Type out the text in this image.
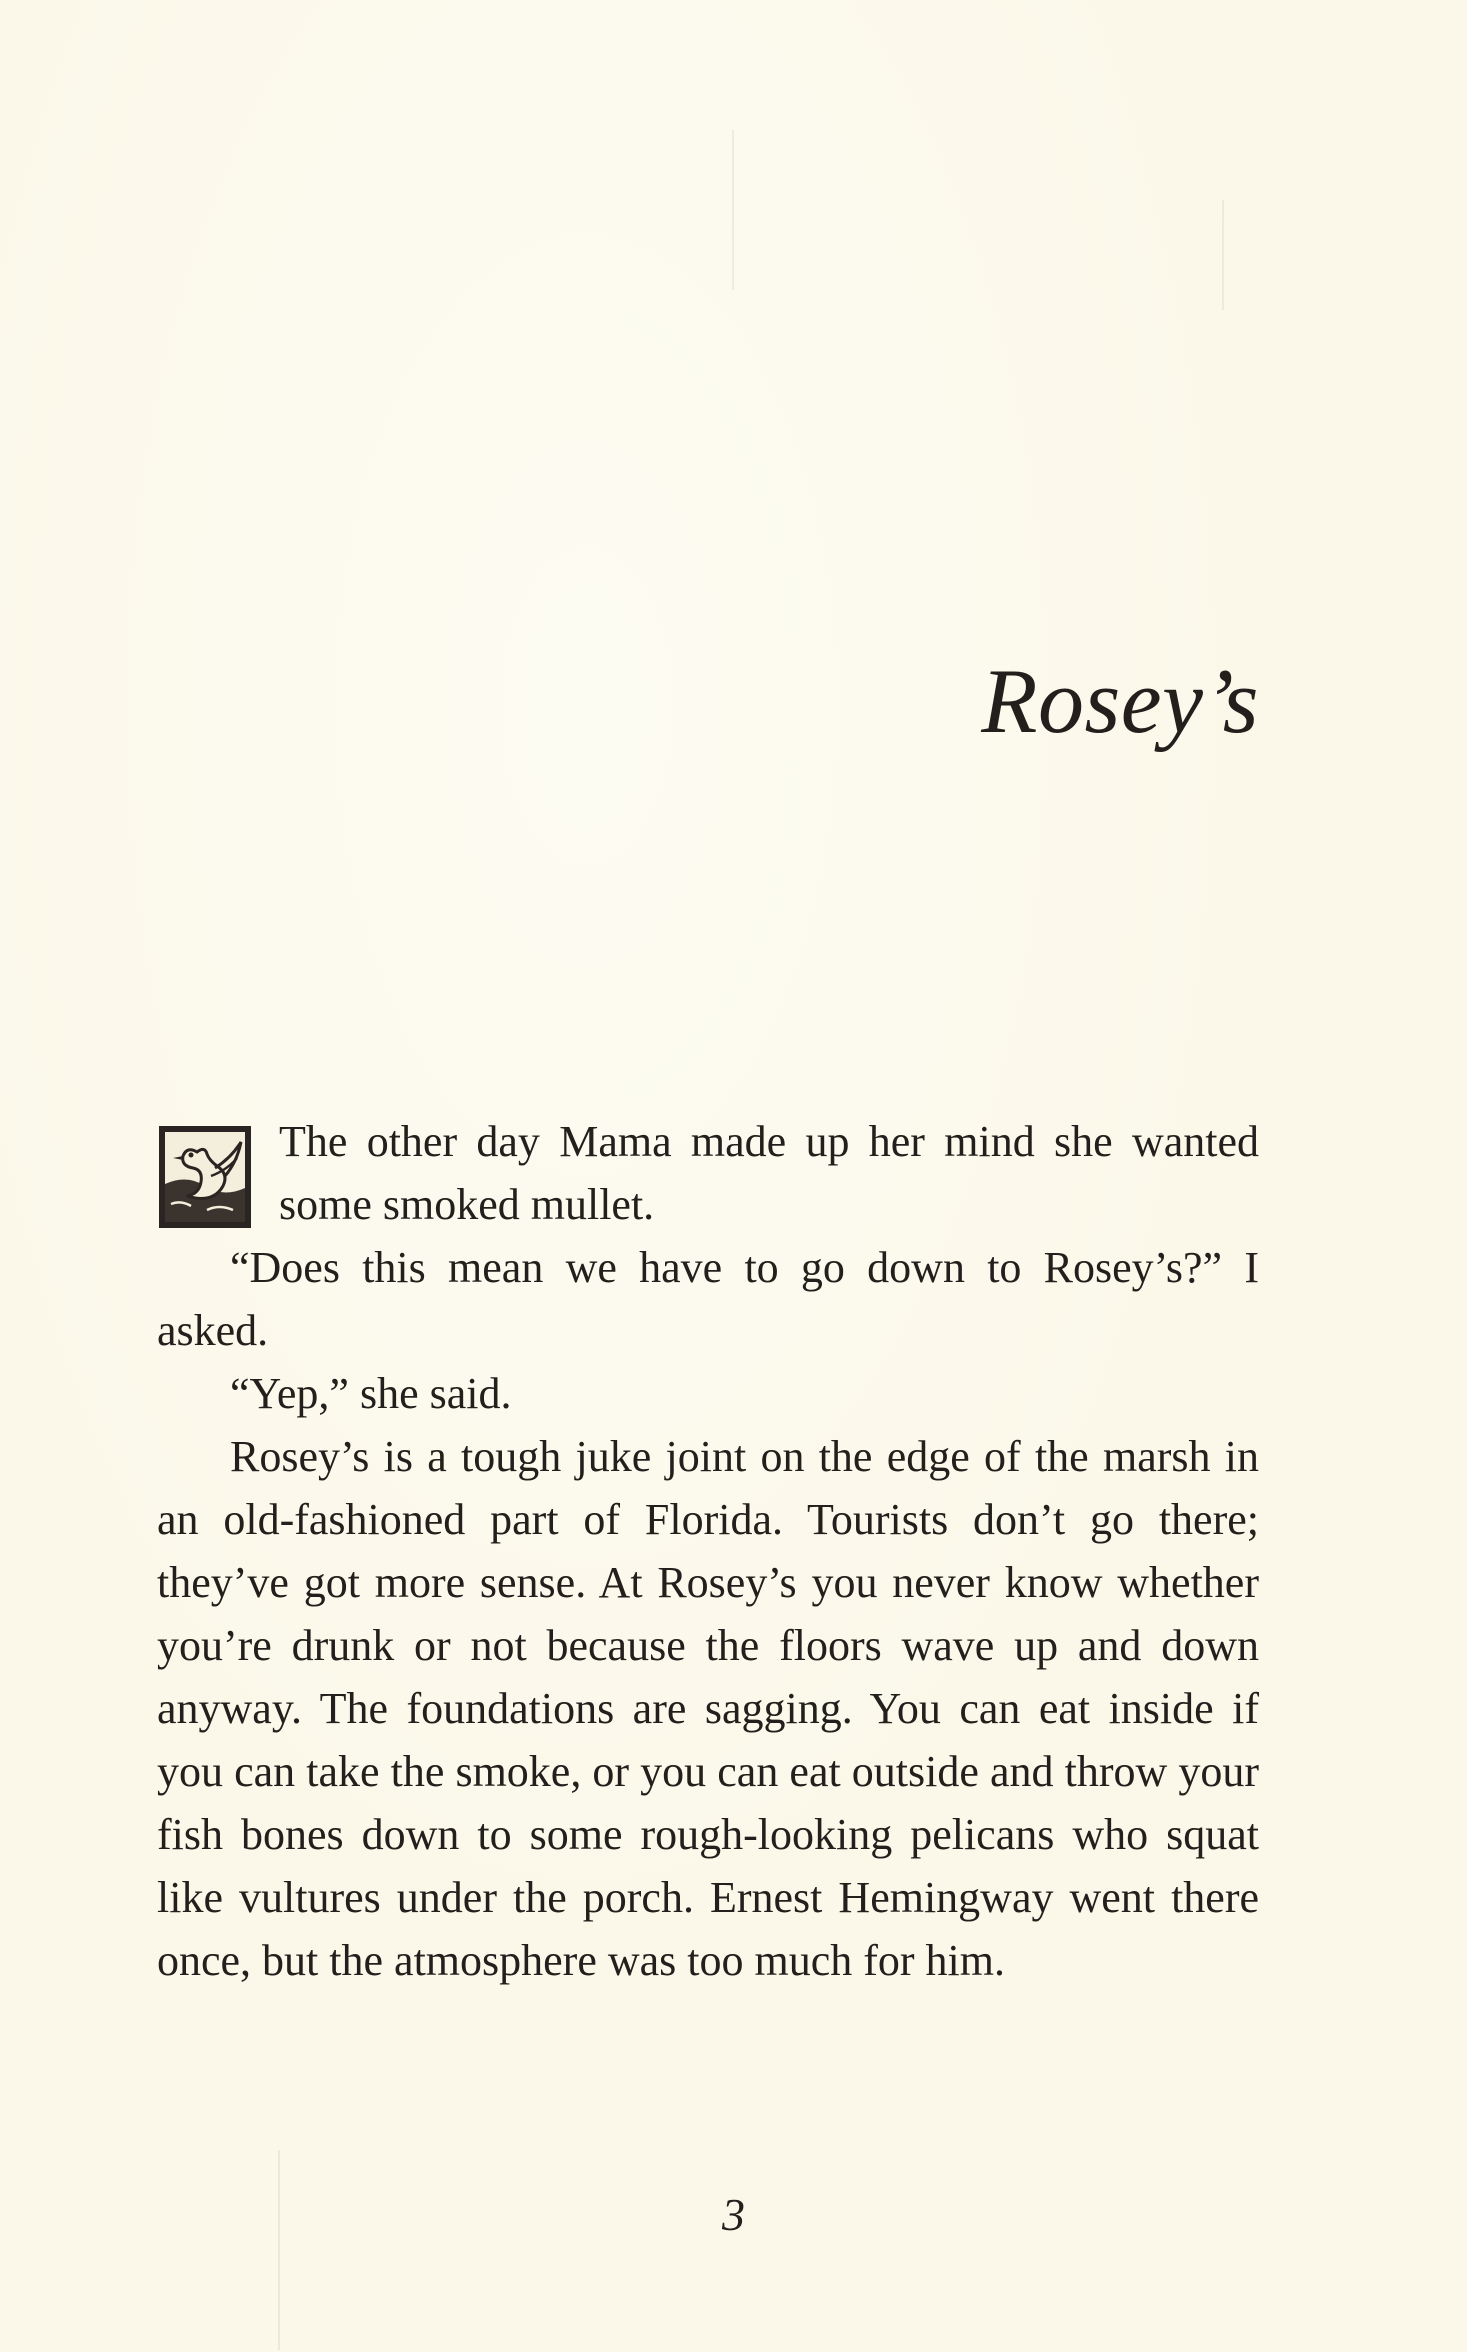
Rosey’s

The other day Mama made up her mind she wanted some smoked mullet.

“Does this mean we have to go down to Rosey’s?” I asked.

“Yep,” she said.

Rosey’s is a tough juke joint on the edge of the marsh in an old-fashioned part of Florida. Tourists don’t go there; they’ve got more sense. At Rosey’s you never know whether you’re drunk or not because the floors wave up and down anyway. The foundations are sagging. You can eat inside if you can take the smoke, or you can eat outside and throw your fish bones down to some rough-looking pelicans who squat like vultures under the porch. Ernest Hemingway went there once, but the atmosphere was too much for him.

3
